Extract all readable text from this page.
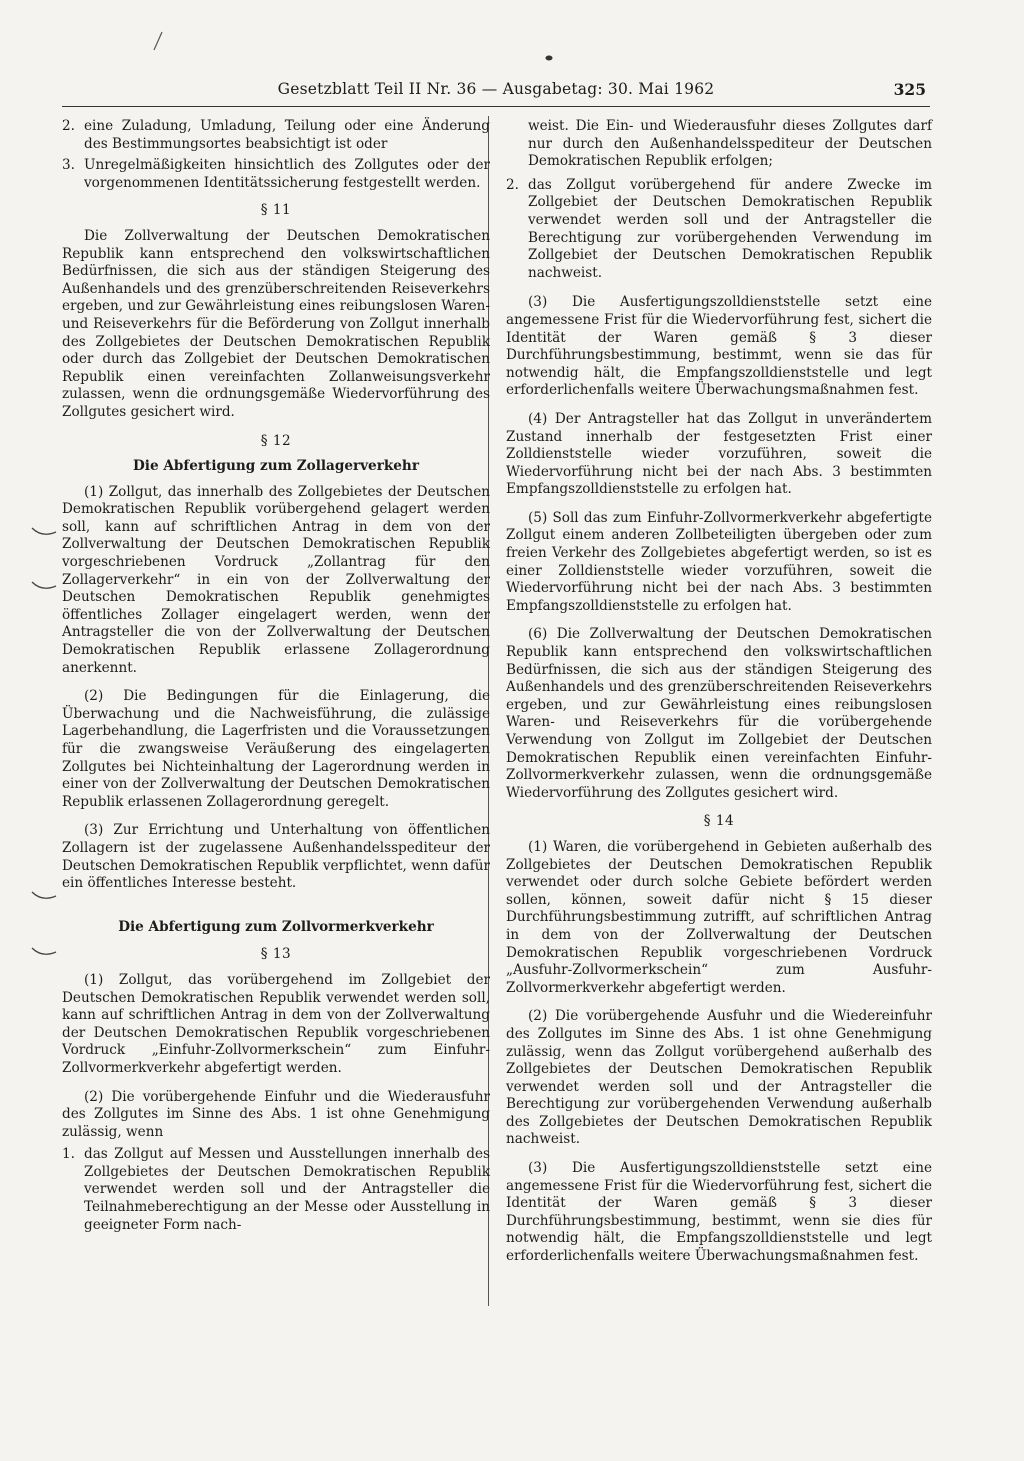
Gesetzblatt Teil II Nr. 36 — Ausgabetag: 30. Mai 1962	325
2. eine Zuladung, Umladung, Teilung oder eine Änderung des Bestimmungsortes beabsichtigt ist oder

3. Unregelmäßigkeiten hinsichtlich des Zollgutes oder der vorgenommenen Identitätssicherung festgestellt werden.

§ 11

Die Zollverwaltung der Deutschen Demokratischen Republik kann entsprechend den volkswirtschaftlichen Bedürfnissen, die sich aus der ständigen Steigerung des Außenhandels und des grenzüberschreitenden Reiseverkehrs ergeben, und zur Gewährleistung eines reibungslosen Waren- und Reiseverkehrs für die Beförderung von Zollgut innerhalb des Zollgebietes der Deutschen Demokratischen Republik oder durch das Zollgebiet der Deutschen Demokratischen Republik einen vereinfachten Zollanweisungsverkehr zulassen, wenn die ordnungsgemäße Wiedervorführung des Zollgutes gesichert wird.

§ 12
Die Abfertigung zum Zollagerverkehr

(1) Zollgut, das innerhalb des Zollgebietes der Deutschen Demokratischen Republik vorübergehend gelagert werden soll, kann auf schriftlichen Antrag in dem von der Zollverwaltung der Deutschen Demokratischen Republik vorgeschriebenen Vordruck „Zollantrag für den Zollagerverkehr“ in ein von der Zollverwaltung der Deutschen Demokratischen Republik genehmigtes öffentliches Zollager eingelagert werden, wenn der Antragsteller die von der Zollverwaltung der Deutschen Demokratischen Republik erlassene Zollagerordnung anerkennt.

(2) Die Bedingungen für die Einlagerung, die Überwachung und die Nachweisführung, die zulässige Lagerbehandlung, die Lagerfristen und die Voraussetzungen für die zwangsweise Veräußerung des eingelagerten Zollgutes bei Nichteinhaltung der Lagerordnung werden in einer von der Zollverwaltung der Deutschen Demokratischen Republik erlassenen Zollagerordnung geregelt.

(3) Zur Errichtung und Unterhaltung von öffentlichen Zollagern ist der zugelassene Außenhandelsspediteur der Deutschen Demokratischen Republik verpflichtet, wenn dafür ein öffentliches Interesse besteht.

Die Abfertigung zum Zollvormerkverkehr
§ 13

(1) Zollgut, das vorübergehend im Zollgebiet der Deutschen Demokratischen Republik verwendet werden soll, kann auf schriftlichen Antrag in dem von der Zollverwaltung der Deutschen Demokratischen Republik vorgeschriebenen Vordruck „Einfuhr-Zollvormerkschein“ zum Einfuhr-Zollvormerkverkehr abgefertigt werden.

(2) Die vorübergehende Einfuhr und die Wiederausfuhr des Zollgutes im Sinne des Abs. 1 ist ohne Genehmigung zulässig, wenn

1. das Zollgut auf Messen und Ausstellungen innerhalb des Zollgebietes der Deutschen Demokratischen Republik verwendet werden soll und der Antragsteller die Teilnahmeberechtigung an der Messe oder Ausstellung in geeigneter Form nach-

weist. Die Ein- und Wiederausfuhr dieses Zollgutes darf nur durch den Außenhandelsspediteur der Deutschen Demokratischen Republik erfolgen;

2. das Zollgut vorübergehend für andere Zwecke im Zollgebiet der Deutschen Demokratischen Republik verwendet werden soll und der Antragsteller die Berechtigung zur vorübergehenden Verwendung im Zollgebiet der Deutschen Demokratischen Republik nachweist.

(3) Die Ausfertigungszolldienststelle setzt eine angemessene Frist für die Wiedervorführung fest, sichert die Identität der Waren gemäß § 3 dieser Durchführungsbestimmung, bestimmt, wenn sie das für notwendig hält, die Empfangszolldienststelle und legt erforderlichenfalls weitere Überwachungsmaßnahmen fest.

(4) Der Antragsteller hat das Zollgut in unverändertem Zustand innerhalb der festgesetzten Frist einer Zolldienststelle wieder vorzuführen, soweit die Wiedervorführung nicht bei der nach Abs. 3 bestimmten Empfangszolldienststelle zu erfolgen hat.

(5) Soll das zum Einfuhr-Zollvormerkverkehr abgefertigte Zollgut einem anderen Zollbeteiligten übergeben oder zum freien Verkehr des Zollgebietes abgefertigt werden, so ist es einer Zolldienststelle wieder vorzuführen, soweit die Wiedervorführung nicht bei der nach Abs. 3 bestimmten Empfangszolldienststelle zu erfolgen hat.

(6) Die Zollverwaltung der Deutschen Demokratischen Republik kann entsprechend den volkswirtschaftlichen Bedürfnissen, die sich aus der ständigen Steigerung des Außenhandels und des grenzüberschreitenden Reiseverkehrs ergeben, und zur Gewährleistung eines reibungslosen Waren- und Reiseverkehrs für die vorübergehende Verwendung von Zollgut im Zollgebiet der Deutschen Demokratischen Republik einen vereinfachten Einfuhr-Zollvormerkverkehr zulassen, wenn die ordnungsgemäße Wiedervorführung des Zollgutes gesichert wird.

§ 14

(1) Waren, die vorübergehend in Gebieten außerhalb des Zollgebietes der Deutschen Demokratischen Republik verwendet oder durch solche Gebiete befördert werden sollen, können, soweit dafür nicht § 15 dieser Durchführungsbestimmung zutrifft, auf schriftlichen Antrag in dem von der Zollverwaltung der Deutschen Demokratischen Republik vorgeschriebenen Vordruck „Ausfuhr-Zollvormerkschein“ zum Ausfuhr-Zollvormerkverkehr abgefertigt werden.

(2) Die vorübergehende Ausfuhr und die Wiedereinfuhr des Zollgutes im Sinne des Abs. 1 ist ohne Genehmigung zulässig, wenn das Zollgut vorübergehend außerhalb des Zollgebietes der Deutschen Demokratischen Republik verwendet werden soll und der Antragsteller die Berechtigung zur vorübergehenden Verwendung außerhalb des Zollgebietes der Deutschen Demokratischen Republik nachweist.

(3) Die Ausfertigungszolldienststelle setzt eine angemessene Frist für die Wiedervorführung fest, sichert die Identität der Waren gemäß § 3 dieser Durchführungsbestimmung, bestimmt, wenn sie dies für notwendig hält, die Empfangszolldienststelle und legt erforderlichenfalls weitere Überwachungsmaßnahmen fest.
